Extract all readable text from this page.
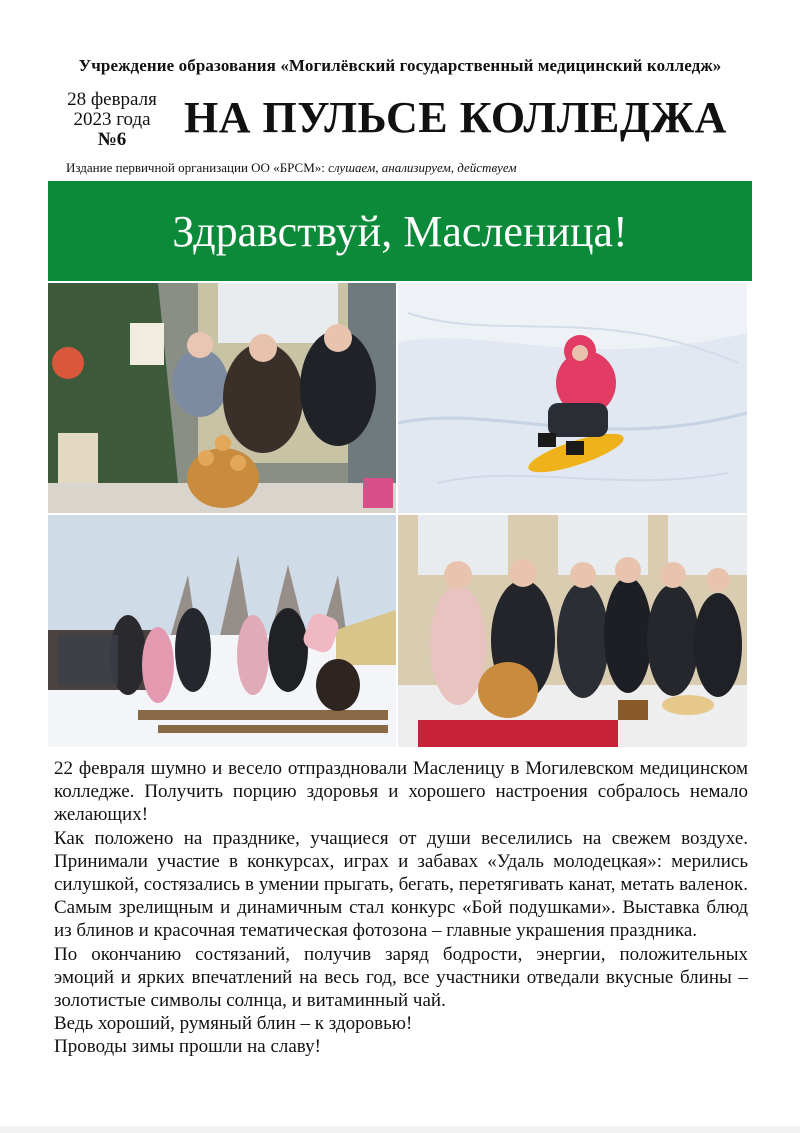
Учреждение образования «Могилёвский государственный медицинский колледж»
28 февраля
2023 года
№6	НА ПУЛЬСЕ КОЛЛЕДЖА
Издание первичной организации ОО «БРСМ»: слушаем, анализируем, действуем
Здравствуй, Масленица!

22 февраля шумно и весело отпраздновали Масленицу в Могилевском медицинском колледже. Получить порцию здоровья и хорошего настроения собралось немало желающих!

Как положено на празднике, учащиеся от души веселились на свежем воздухе. Принимали участие в конкурсах, играх и забавах «Удаль молодецкая»: мерились силушкой, состязались в умении прыгать, бегать, перетягивать канат, метать валенок. Самым зрелищным и динамичным стал конкурс «Бой подушками». Выставка блюд из блинов и красочная тематическая фотозона – главные украшения праздника.

По окончанию состязаний, получив заряд бодрости, энергии, положительных эмоций и ярких впечатлений на весь год, все участники отведали вкусные блины – золотистые символы солнца, и витаминный чай.

Ведь хороший, румяный блин – к здоровью!

Проводы зимы прошли на славу!
